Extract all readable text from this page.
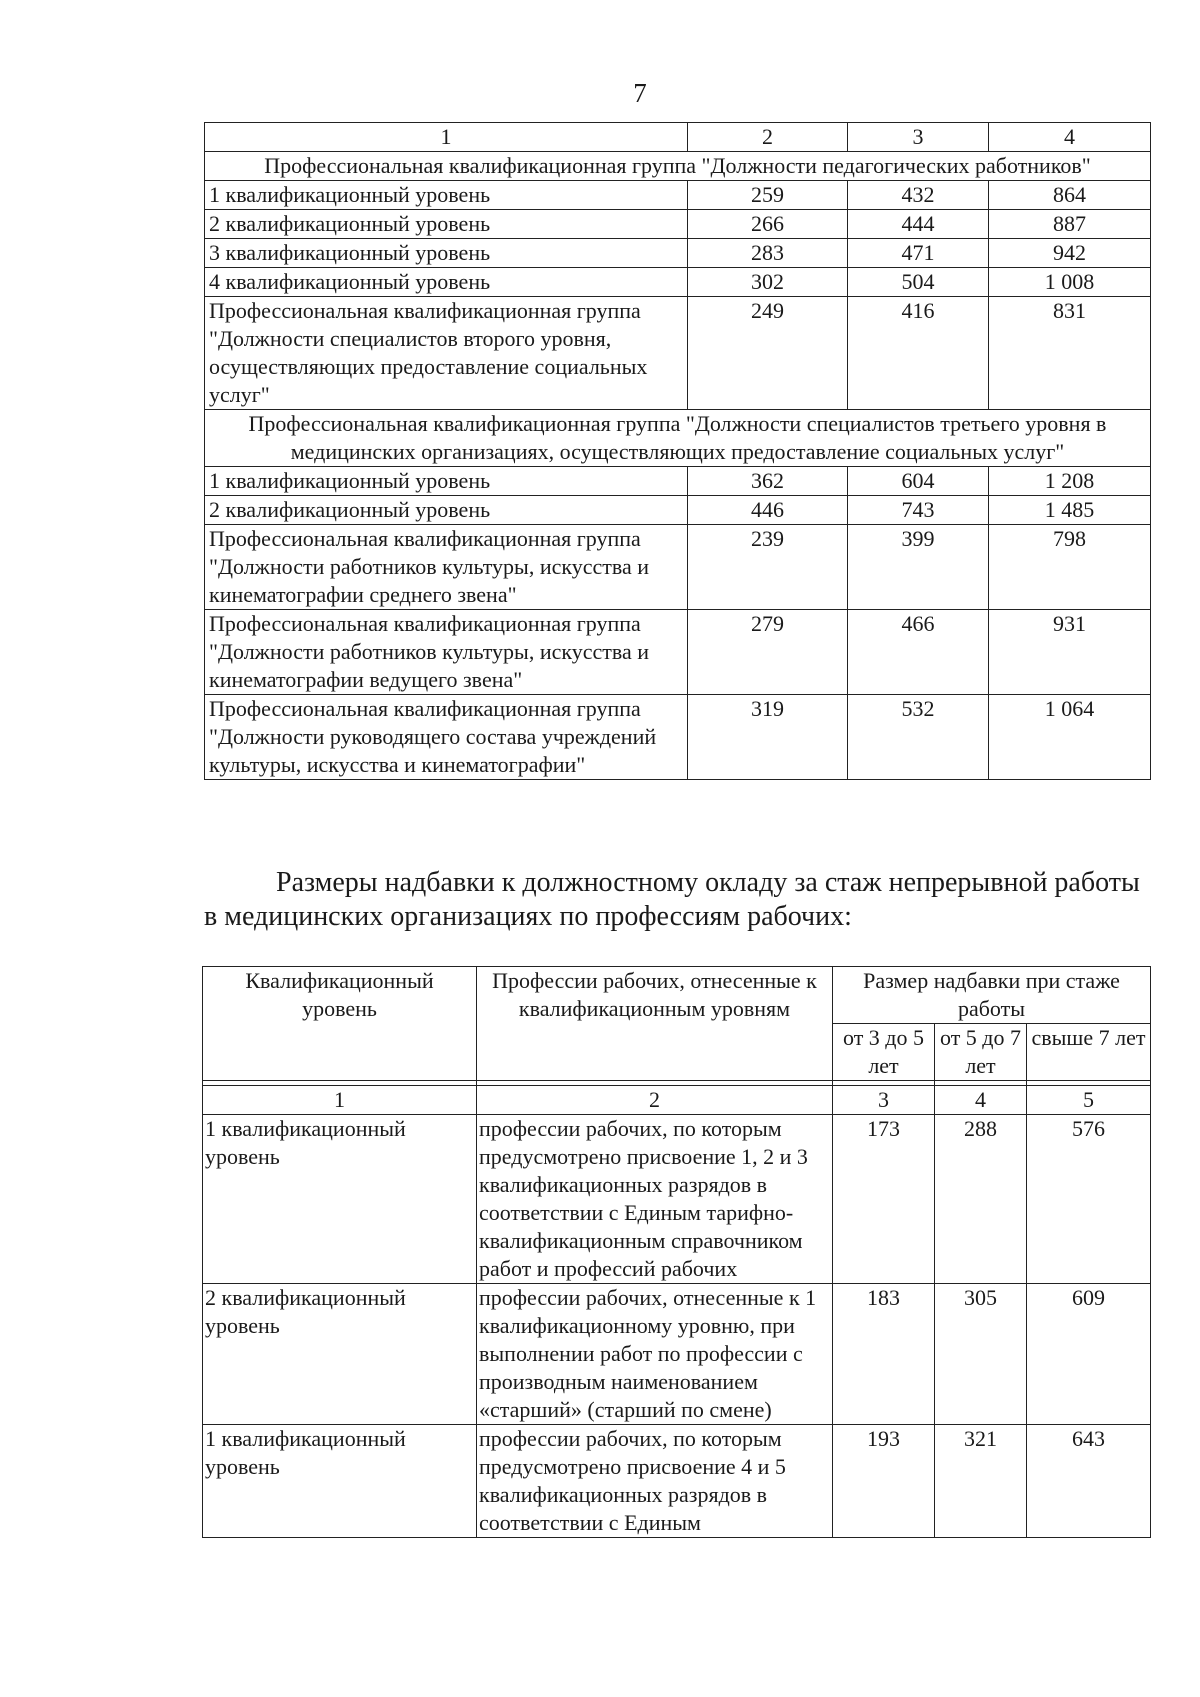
7
1	2	3	4
Профессиональная квалификационная группа "Должности педагогических работников"			
1 квалификационный уровень	259	432	864
2 квалификационный уровень	266	444	887
3 квалификационный уровень	283	471	942
4 квалификационный уровень	302	504	1 008
Профессиональная квалификационная группа "Должности специалистов второго уровня, осуществляющих предоставление социальных услуг"	249	416	831
Профессиональная квалификационная группа "Должности специалистов третьего уровня в медицинских организациях, осуществляющих предоставление социальных услуг"			
1 квалификационный уровень	362	604	1 208
2 квалификационный уровень	446	743	1 485
Профессиональная квалификационная группа "Должности работников культуры, искусства и кинематографии среднего звена"	239	399	798
Профессиональная квалификационная группа "Должности работников культуры, искусства и кинематографии ведущего звена"	279	466	931
Профессиональная квалификационная группа "Должности руководящего состава учреждений культуры, искусства и кинематографии"	319	532	1 064
Размеры надбавки к должностному окладу за стаж непрерывной работы
в медицинских организациях по профессиям рабочих:
Квалификационный уровень	Профессии рабочих, отнесенные к квалификационным уровням	Размер надбавки при стаже работы		
		от 3 до 5 лет	от 5 до 7 лет	свыше 7 лет

1	2	3	4	5
1 квалификационный уровень	профессии рабочих, по которым предусмотрено присвоение 1, 2 и 3 квалификационных разрядов в соответствии с Единым тарифно-квалификационным справочником работ и профессий рабочих	173	288	576
2 квалификационный уровень	профессии рабочих, отнесенные к 1 квалификационному уровню, при выполнении работ по профессии с производным наименованием «старший» (старший по смене)	183	305	609
1 квалификационный уровень	профессии рабочих, по которым предусмотрено присвоение 4 и 5 квалификационных разрядов в соответствии с Единым	193	321	643
